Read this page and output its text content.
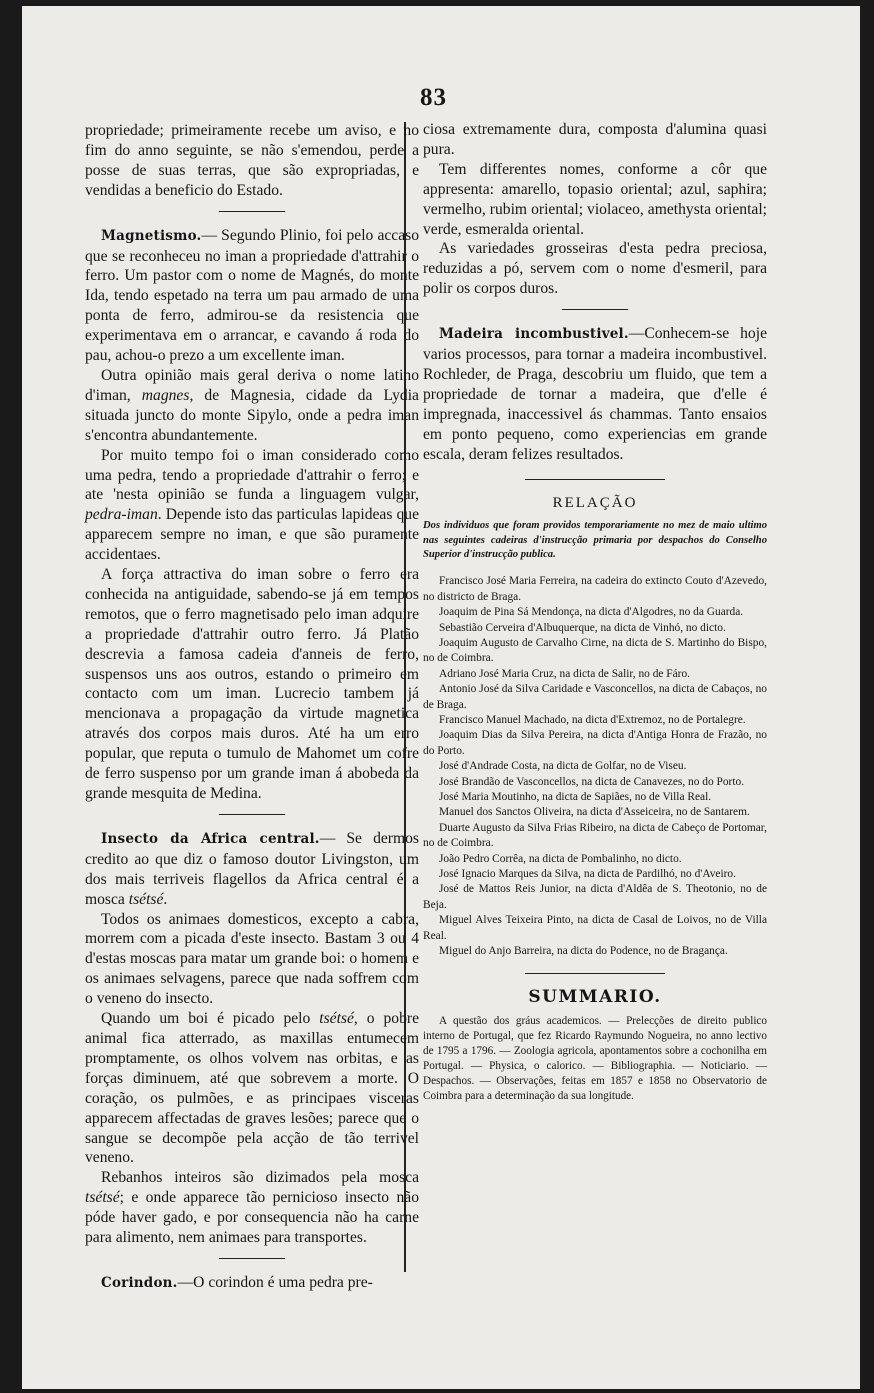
83

propriedade; primeiramente recebe um aviso, e no fim do anno seguinte, se não s'emendou, perde a posse de suas terras, que são expropriadas, e vendidas a beneficio do Estado.

Magnetismo.— Segundo Plinio, foi pelo accaso que se reconheceu no iman a propriedade d'attrahir o ferro. Um pastor com o nome de Magnés, do monte Ida, tendo espetado na terra um pau armado de uma ponta de ferro, admirou-se da resistencia que experimentava em o arrancar, e cavando á roda do pau, achou-o prezo a um excellente iman.

Outra opinião mais geral deriva o nome latino d'iman, magnes, de Magnesia, cidade da Lydia situada juncto do monte Sipylo, onde a pedra iman s'encontra abundantemente.

Por muito tempo foi o iman considerado como uma pedra, tendo a propriedade d'attrahir o ferro; e ate 'nesta opinião se funda a linguagem vulgar, pedra-iman. Depende isto das particulas lapideas que apparecem sempre no iman, e que são puramente accidentaes.

A força attractiva do iman sobre o ferro era conhecida na antiguidade, sabendo-se já em tempos remotos, que o ferro magnetisado pelo iman adquire a propriedade d'attrahir outro ferro. Já Platão descrevia a famosa cadeia d'anneis de ferro, suspensos uns aos outros, estando o primeiro em contacto com um iman. Lucrecio tambem já mencionava a propagação da virtude magnetica através dos corpos mais duros. Até ha um erro popular, que reputa o tumulo de Mahomet um cofre de ferro suspenso por um grande iman á abobeda da grande mesquita de Medina.

Insecto da Africa central.— Se dermos credito ao que diz o famoso doutor Livingston, um dos mais terriveis flagellos da Africa central é a mosca tsétsé.

Todos os animaes domesticos, excepto a cabra, morrem com a picada d'este insecto. Bastam 3 ou 4 d'estas moscas para matar um grande boi: o homem e os animaes selvagens, parece que nada soffrem com o veneno do insecto.

Quando um boi é picado pelo tsétsé, o pobre animal fica atterrado, as maxillas entumecem promptamente, os olhos volvem nas orbitas, e as forças diminuem, até que sobrevem a morte. O coração, os pulmões, e as principaes visceras apparecem affectadas de graves lesões; parece que o sangue se decompõe pela acção de tão terrivel veneno.

Rebanhos inteiros são dizimados pela mosca tsétsé; e onde apparece tão pernicioso insecto não póde haver gado, e por consequencia não ha carne para alimento, nem animaes para transportes.

Corindon.—O corindon é uma pedra pre-

ciosa extremamente dura, composta d'alumina quasi pura.

Tem differentes nomes, conforme a côr que appresenta: amarello, topasio oriental; azul, saphira; vermelho, rubim oriental; violaceo, amethysta oriental; verde, esmeralda oriental.

As variedades grosseiras d'esta pedra preciosa, reduzidas a pó, servem com o nome d'esmeril, para polir os corpos duros.

Madeira incombustivel.—Conhecem-se hoje varios processos, para tornar a madeira incombustivel. Rochleder, de Praga, descobriu um fluido, que tem a propriedade de tornar a madeira, que d'elle é impregnada, inaccessivel ás chammas. Tanto ensaios em ponto pequeno, como experiencias em grande escala, deram felizes resultados.

RELAÇÃO

Dos individuos que foram providos temporariamente no mez de maio ultimo nas seguintes cadeiras d'instrucção primaria por despachos do Conselho Superior d'instrucção publica.

Francisco José Maria Ferreira, na cadeira do extincto Couto d'Azevedo, no districto de Braga.

Joaquim de Pina Sá Mendonça, na dicta d'Algodres, no da Guarda.

Sebastião Cerveira d'Albuquerque, na dicta de Vinhó, no dicto.

Joaquim Augusto de Carvalho Cirne, na dicta de S. Martinho do Bispo, no de Coimbra.

Adriano José Maria Cruz, na dicta de Salir, no de Fáro.

Antonio José da Silva Caridade e Vasconcellos, na dicta de Cabaços, no de Braga.

Francisco Manuel Machado, na dicta d'Extremoz, no de Portalegre.

Joaquim Dias da Silva Pereira, na dicta d'Antiga Honra de Frazão, no do Porto.

José d'Andrade Costa, na dicta de Golfar, no de Viseu.

José Brandão de Vasconcellos, na dicta de Canavezes, no do Porto.

José Maria Moutinho, na dicta de Sapiães, no de Villa Real.

Manuel dos Sanctos Oliveira, na dicta d'Asseiceira, no de Santarem.

Duarte Augusto da Silva Frias Ribeiro, na dicta de Cabeço de Portomar, no de Coimbra.

João Pedro Corrêa, na dicta de Pombalinho, no dicto.

José Ignacio Marques da Silva, na dicta de Pardilhó, no d'Aveiro.

José de Mattos Reis Junior, na dicta d'Aldêa de S. Theotonio, no de Beja.

Miguel Alves Teixeira Pinto, na dicta de Casal de Loivos, no de Villa Real.

Miguel do Anjo Barreira, na dicta do Podence, no de Bragança.

SUMMARIO.

A questão dos gráus academicos. — Prelecções de direito publico interno de Portugal, que fez Ricardo Raymundo Nogueira, no anno lectivo de 1795 a 1796. — Zoologia agricola, apontamentos sobre a cochonilha em Portugal. — Physica, o calorico. — Bibliographia. — Noticiario. — Despachos. — Observações, feitas em 1857 e 1858 no Observatorio de Coimbra para a determinação da sua longitude.
